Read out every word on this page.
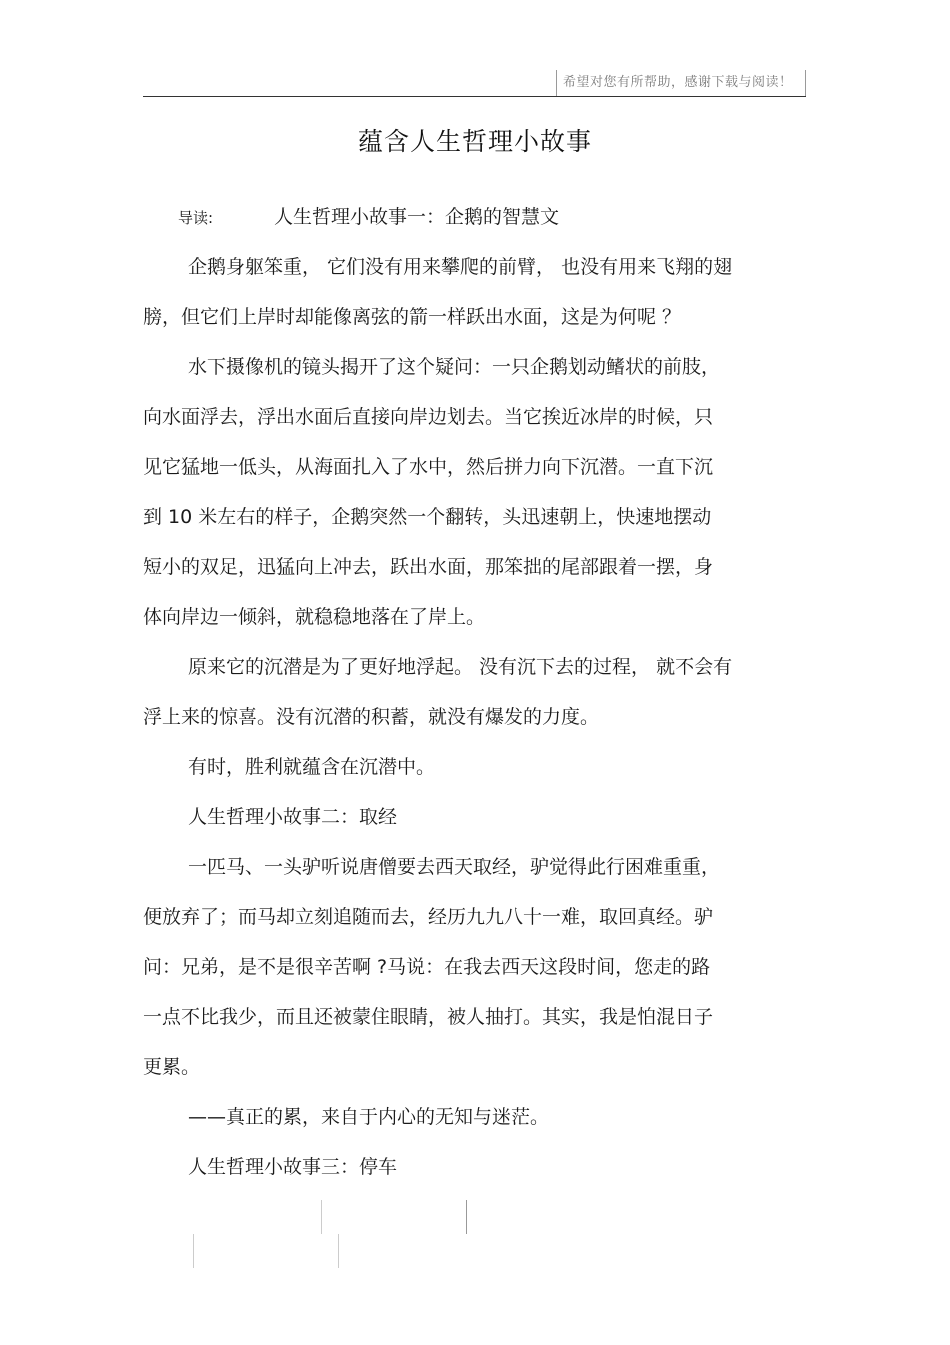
希望对您有所帮助，感谢下载与阅读！
蕴含人生哲理小故事
导读:	人生哲理小故事一：企鹅的智慧文
企鹅身躯笨重， 它们没有用来攀爬的前臂， 也没有用来飞翔的翅
膀，但它们上岸时却能像离弦的箭一样跃出水面，这是为何呢 ？
水下摄像机的镜头揭开了这个疑问：一只企鹅划动鳍状的前肢，
向水面浮去，浮出水面后直接向岸边划去。当它挨近冰岸的时候，只
见它猛地一低头，从海面扎入了水中，然后拼力向下沉潜。一直下沉
到 10 米左右的样子，企鹅突然一个翻转，头迅速朝上，快速地摆动
短小的双足，迅猛向上冲去，跃出水面，那笨拙的尾部跟着一摆，身
体向岸边一倾斜，就稳稳地落在了岸上。
原来它的沉潜是为了更好地浮起。 没有沉下去的过程， 就不会有
浮上来的惊喜。没有沉潜的积蓄，就没有爆发的力度。
有时，胜利就蕴含在沉潜中。
人生哲理小故事二：取经
一匹马、一头驴听说唐僧要去西天取经，驴觉得此行困难重重，
便放弃了；而马却立刻追随而去，经历九九八十一难，取回真经。驴
问：兄弟，是不是很辛苦啊 ?马说：在我去西天这段时间，您走的路
一点不比我少，而且还被蒙住眼睛，被人抽打。其实，我是怕混日子
更累。
——真正的累，来自于内心的无知与迷茫。
人生哲理小故事三：停车
